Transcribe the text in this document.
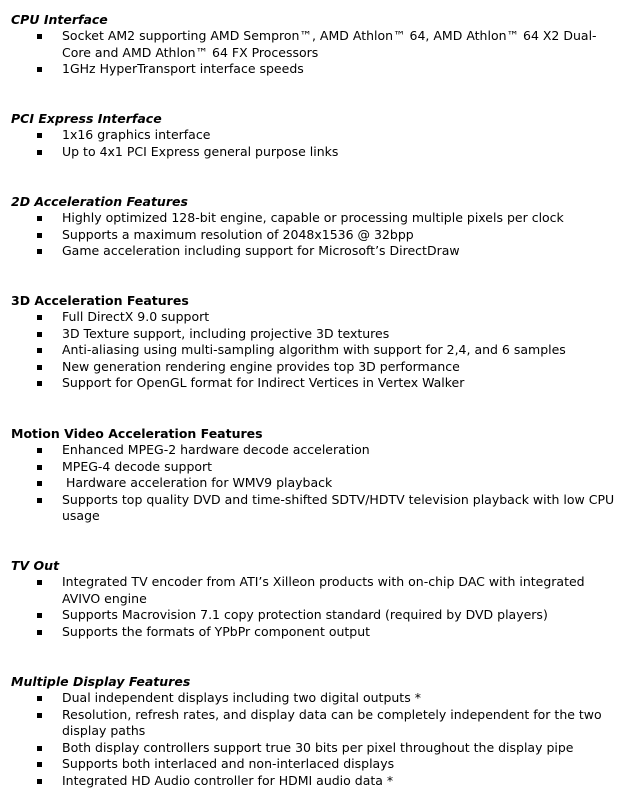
CPU Interface
Socket AM2 supporting AMD Sempron™, AMD Athlon™ 64, AMD Athlon™ 64 X2 Dual-Core and AMD Athlon™ 64 FX Processors
1GHz HyperTransport interface speeds
PCI Express Interface
1x16 graphics interface
Up to 4x1 PCI Express general purpose links
2D Acceleration Features
Highly optimized 128-bit engine, capable or processing multiple pixels per clock
Supports a maximum resolution of 2048x1536 @ 32bpp
Game acceleration including support for Microsoft’s DirectDraw
3D Acceleration Features
Full DirectX 9.0 support
3D Texture support, including projective 3D textures
Anti-aliasing using multi-sampling algorithm with support for 2,4, and 6 samples
New generation rendering engine provides top 3D performance
Support for OpenGL format for Indirect Vertices in Vertex Walker
Motion Video Acceleration Features
Enhanced MPEG-2 hardware decode acceleration
MPEG-4 decode support
Hardware acceleration for WMV9 playback
Supports top quality DVD and time-shifted SDTV/HDTV television playback with low CPU usage
TV Out
Integrated TV encoder from ATI’s Xilleon products with on-chip DAC with integrated AVIVO engine
Supports Macrovision 7.1 copy protection standard (required by DVD players)
Supports the formats of YPbPr component output
Multiple Display Features
Dual independent displays including two digital outputs *
Resolution, refresh rates, and display data can be completely independent for the two display paths
Both display controllers support true 30 bits per pixel throughout the display pipe
Supports both interlaced and non-interlaced displays
Integrated HD Audio controller for HDMI audio data *
